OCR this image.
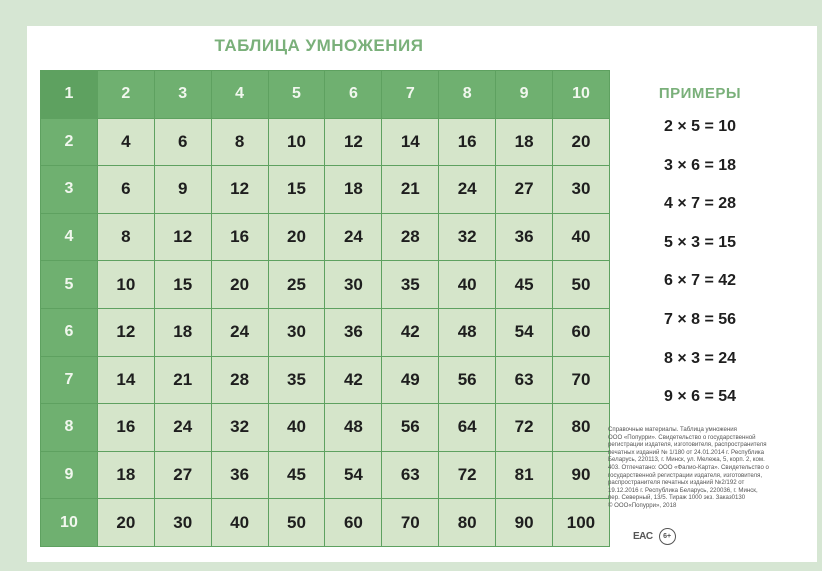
ТАБЛИЦА УМНОЖЕНИЯ
1	2	3	4	5	6	7	8	9	10
2	4	6	8	10	12	14	16	18	20
3	6	9	12	15	18	21	24	27	30
4	8	12	16	20	24	28	32	36	40
5	10	15	20	25	30	35	40	45	50
6	12	18	24	30	36	42	48	54	60
7	14	21	28	35	42	49	56	63	70
8	16	24	32	40	48	56	64	72	80
9	18	27	36	45	54	63	72	81	90
10	20	30	40	50	60	70	80	90	100
ПРИМЕРЫ
2 × 5 = 10
3 × 6 = 18
4 × 7 = 28
5 × 3 = 15
6 × 7 = 42
7 × 8 = 56
8 × 3 = 24
9 × 6 = 54
Справочные материалы. Таблица умножения
ООО «Попурри». Свидетельство о государственной
регистрации издателя, изготовителя, распространителя
печатных изданий № 1/180 от 24.01.2014 г. Республика
Беларусь, 220113, г. Минск, ул. Мележа, 5, корп. 2, ком.
403. Отпечатано: ООО «Фалио-Карта». Свидетельство о
государственной регистрации издателя, изготовителя,
распространителя печатных изданий №2/192 от
19.12.2016 г. Республика Беларусь, 220036, г. Минск,
пер. Северный, 13/5. Тираж 1000 экз. Заказ0130
© ООО«Попурри», 2018
EAC	6+
